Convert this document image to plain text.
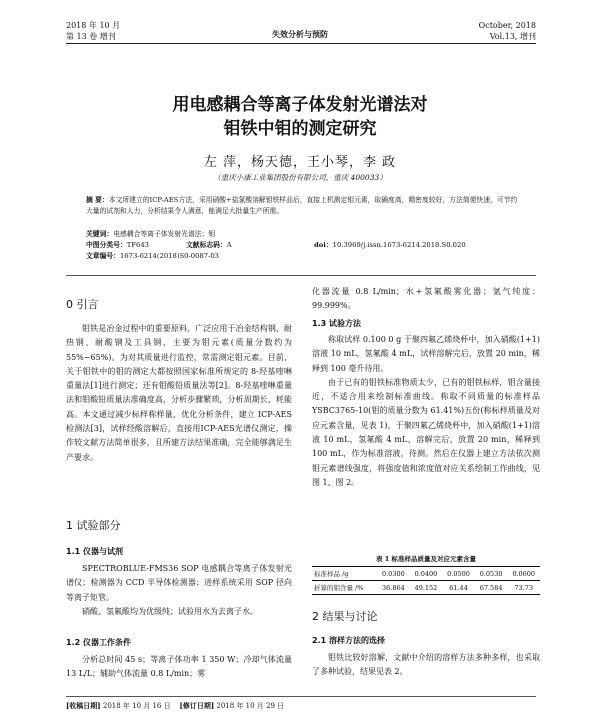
2018 年 10 月
第 13 卷 增刊	失效分析与预防
October, 2018
Vol.13, 增刊
用电感耦合等离子体发射光谱法对
钼铁中钼的测定研究
左 萍，杨天德，王小琴，李 政
（重庆小康工业集团股份有限公司，重庆 400033）
摘 要：本文所建立的ICP-AES方法，采用硝酸+盐氯酸溶解钼铁样品后，直接上机测定钼元素，取确度高，精密度较好，方法简便快速，可节约大量的试剂和人力，分析结果令人满意，能满足大批量生产所需。
关键词：电感耦合等离子体发射光谱法；钼
中图分类号：TF643	文献标志码：A	doi：10.3969/j.issn.1673-6214.2018.S0.020
文章编号：1673-6214(2018)S0-0087-03
0 引言

钼铁是冶金过程中的重要原料，广泛应用于冶金结构钢、耐热钢、耐酸钢及工具钢，主要为钼元素(质量分数约为 55%~65%)。为对其质量进行监控，常需测定钼元素。目前，关于钼铁中的钼的测定大都按照国家标准所规定的 8-羟基喹啉重量法[1]进行测定；还有钼酸铅质量法等[2]。8-羟基喹啉重量法和钼酸铅质量法准确度高，分析步骤繁琐，分析周期长，耗能高。本文通过减少标样称样量，优化分析条件，建立 ICP-AES 检测法[3]，试样经酸溶解后，直接用ICP-AES光谱仪测定，操作较文献方法简单很多，且所建方法结果准确，完全能够满足生产要求。

1 试验部分
1.1 仪器与试剂

SPECTROBLUE-FMS36 SOP 电感耦合等离子体发射光谱仪；检测器为 CCD 半导体检测器；进样系统采用 SOP 径向等离子矩管。

硝酸、氢氟酸均为优级纯；试验用水为去离子水。

1.2 仪器工作条件

分析总时间 45 s；等离子体功率 1 350 W；冷却气体流量 13 L/L；辅助气体流量 0.8 L/min；雾

化器流量 0.8 L/min；水+氢氟酸雾化器；氩气纯度：99.999%。

1.3 试验方法

称取试样 0.100 0 g 于聚四氟乙烯烧杯中，加入硝酸(1+1)溶液 10 mL，氢氟酸 4 mL，试样溶解完后，放置 20 min，稀释到 100 毫升待用。

由于已有的钼铁标准物质太少，已有的钼铁标样，钼含量接近，不适合用来绘制标准曲线。称取不同质量的标准样品 YSBC3765-10(钼的质量分数为 61.41%)五份(称标样质量及对应元素含量，见表 1)，于聚四氟乙烯烧杯中，加入硝酸(1+1)溶液 10 mL，氢氟酸 4 mL，溶解完后，放置 20 min，稀释到 100 mL，作为标准溶液，待测。然后在仪器上建立方法依次测钼元素谱线强度，将强度值和浓度值对应关系绘制工作曲线，见图 1、图 2。

表 1 标准样品质量及对应元素含量
标准样品 /g	0.0300	0.0400	0.0500	0.0530	0.0600
折算的钼含量 /%	36.864	49.152	61.44	67.584	73.73
2 结果与讨论
2.1 溶样方法的选择

钼铁比较好溶解，文献中介绍的溶样方法多种多样，也采取了多种试验，结果见表 2。

[收稿日期] 2018 年 10 月 16 日 [修订日期] 2018 年 10 月 29 日
